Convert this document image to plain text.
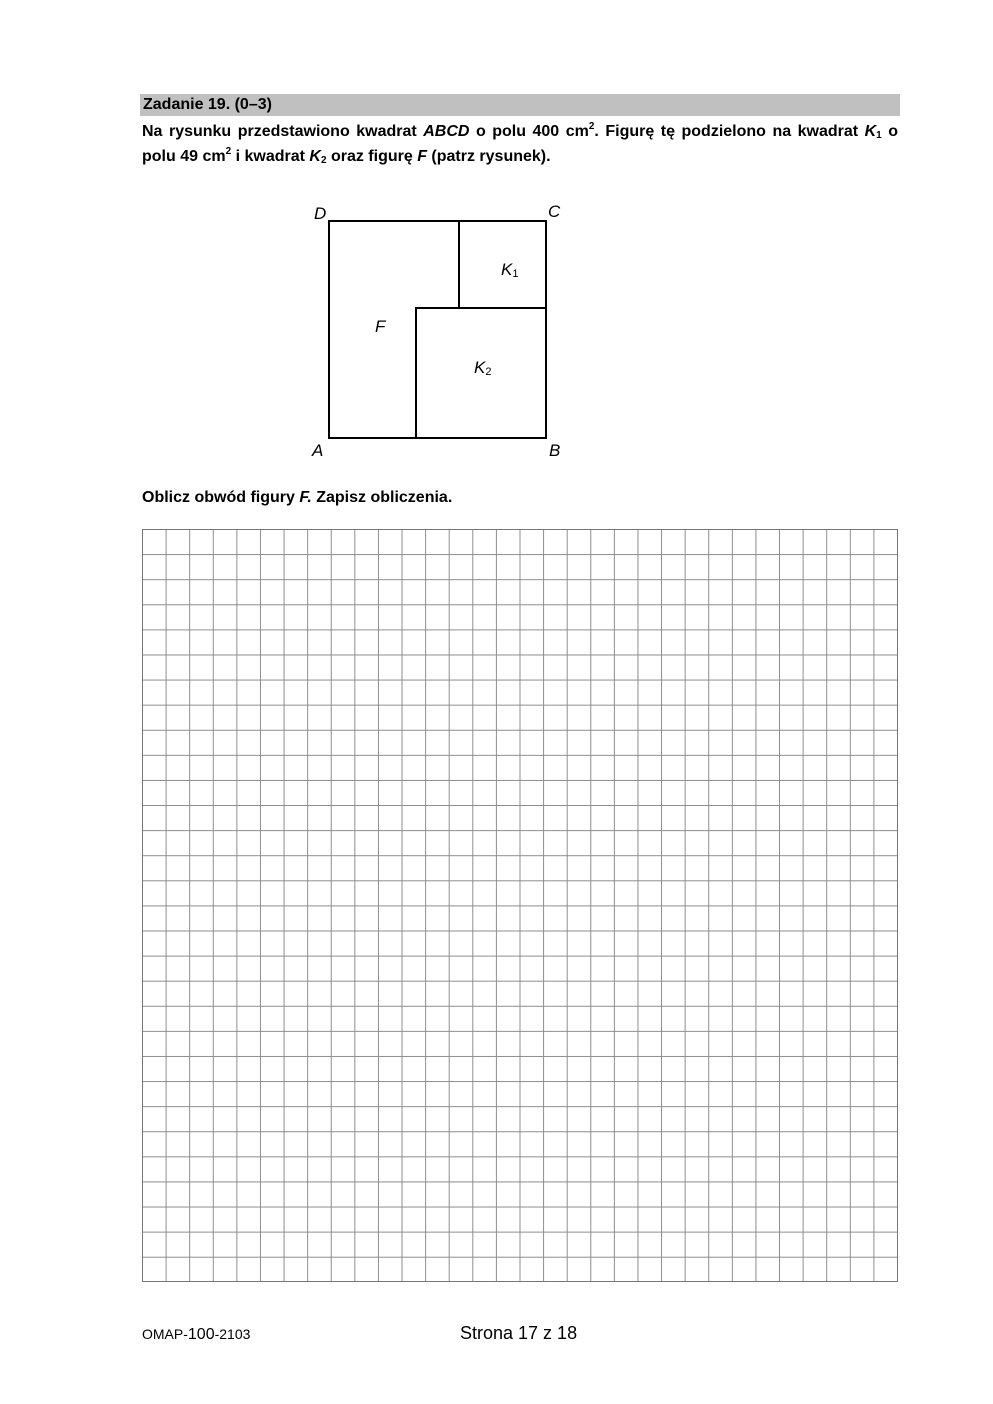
Zadanie 19. (0–3)
Na rysunku przedstawiono kwadrat ABCD o polu 400 $cm^2$. Figurę tę podzielono na kwadrat $K_1$ o polu 49 $cm^2$ i kwadrat $K_2$ oraz figurę F (patrz rysunek).
D	C
A	B
F
K1
K2
Oblicz obwód figury F. Zapisz obliczenia.
OMAP-100-2103	Strona 17 z 18
